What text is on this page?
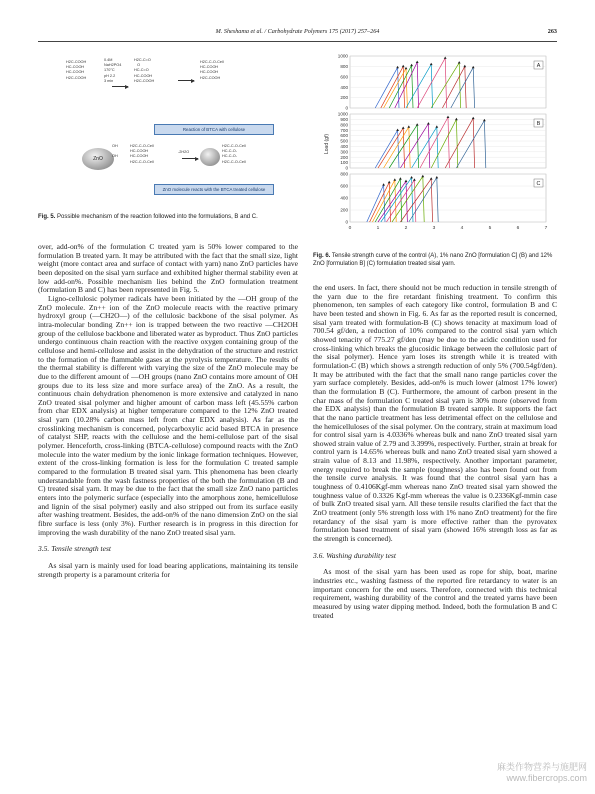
M. Sheshama et al. / Carbohydrate Polymers 175 (2017) 257–264	263
H2C-COOH
HC-COOH
HC-COOH
H2C-COOH
0.4M
NaH2PO4
170°C
pH 2.2
3 min
H2C-C=O
O
HC-C=O
HC-COOH
H2C-COOH
H2C-C-O-Cell
HC-COOH
HC-COOH
H2C-COOH
Reaction of BTCA with cellulose
ZnO
OH

OH
H2C-C-O-Cell
HC-COOH
HC-COOH
H2C-C-O-Cell
-2H2O
H2C-C-O-Cell
HC-C-O-
HC-C-O-
H2C-C-O-Cell
ZnO molecule reacts with the BTCA treated cellulose
Fig. 5. Possible mechanism of the reaction followed into the formulations, B and C.
0
200
400
600
800
1000
A
Load (gf)
0
100
200
300
400
500
600
700
800
900
1000
B
0
200
400
600
800
C
0	1	2	3	4	5	6	7
Fig. 6. Tensile strength curve of the control (A), 1% nano ZnO [formulation C] (B) and 12% ZnO [formulation B] (C) formulation treated sisal yarn.

over, add-on% of the formulation C treated yarn is 50% lower compared to the formulation B treated yarn. It may be attributed with the fact that the small size, light weight (more contact area and surface of contact with yarn) nano ZnO particles have been deposited on the sisal yarn surface and exhibited higher thermal stability even at low add-on%. Possible mechanism lies behind the ZnO formulation treatment (formulation B and C) has been represented in Fig. 5.

Ligno-cellulosic polymer radicals have been initiated by the —OH group of the ZnO molecule. Zn++ ion of the ZnO molecule reacts with the reactive primary hydroxyl group (—CH2O—) of the cellulosic backbone of the sisal polymer. As intra-molecular bonding Zn++ ion is trapped between the two reactive —CH2OH group of the cellulose backbone and liberated water as byproduct. Thus ZnO particles undergo continuous chain reaction with the reactive oxygen containing group of the cellulose and hemi-cellulose and assist in the dehydration of the structure and restrict to the formation of the flammable gases at the pyrolysis temperature. The results of the thermal stability is different with varying the size of the ZnO molecule may be due to the different amount of —OH groups (nano ZnO contains more amount of OH groups due to its less size and more surface area) of the ZnO. As a result, the continuous chain dehydration phenomenon is more extensive and catalyzed in nano ZnO treated sisal polymer and higher amount of carbon mass left (45.55% carbon from char EDX analysis) at higher temperature compared to the 12% ZnO treated sisal yarn (10.28% carbon mass left from char EDX analysis). As far as the crosslinking mechanism is concerned, polycarboxylic acid based BTCA in presence of catalyst SHP, reacts with the cellulose and the hemi-cellulose part of the sisal polymer. Henceforth, cross-linking (BTCA-cellulose) compound reacts with the ZnO molecule into the water medium by the ionic linkage formation techniques. However, extent of the cross-linking formation is less for the formulation C treated sample compared to the formulation B treated sisal yarn. This phenomena has been clearly understandable from the wash fastness properties of the both the formulation (B and C) treated sisal yarn. It may be due to the fact that the small size ZnO nano particles enters into the polymeric surface (especially into the amorphous zone, hemicellulose and lignin of the sisal polymer) easily and also stripped out from its surface easily after washing treatment. Besides, the add-on% of the nano dimension ZnO on the sial fibre surface is less (only 3%). Further research is in progress in this direction for improving the wash durability of the nano ZnO treated sisal yarn.

3.5. Tensile strength test

As sisal yarn is mainly used for load bearing applications, maintaining its tensile strength property is a paramount criteria for

the end users. In fact, there should not be much reduction in tensile strength of the yarn due to the fire retardant finishing treatment. To confirm this phenomenon, ten samples of each category like control, formulation B and C have been tested and shown in Fig. 6. As far as the reported result is concerned, sisal yarn treated with formulation-B (C) shows tenacity at maximum load of 700.54 gf/den, a reduction of 10% compared to the control sisal yarn which showed tenacity of 775.27 gf/den (may be due to the acidic condition used for cross-linking which breaks the glucosidic linkage between the cellulosic part of the sisal polymer). Hence yarn loses its strength while it is treated with formulation-C (B) which shows a strength reduction of only 5% (700.54gf/den). It may be attributed with the fact that the small nano range particles cover the yarn surface completely. Besides, add-on% is much lower (almost 17% lower) than the formulation B (C). Furthermore, the amount of carbon present in the char mass of the formulation C treated sisal yarn is 30% more (observed from the EDX analysis) than the formulation B treated sample. It supports the fact that the nano particle treatment has less detrimental effect on the cellulose and the hemicelluloses of the sisal polymer. On the contrary, strain at maximum load for control sisal yarn is 4.0336% whereas bulk and nano ZnO treated sisal yarn showed strain value of 2.79 and 3.399%, respectively. Further, strain at break for control yarn is 14.65% whereas bulk and nano ZnO treated sisal yarn showed a strain value of 8.13 and 11.98%, respectively. Another important parameter, energy required to break the sample (toughness) also has been found out from the tensile curve analysis. It was found that the control sisal yarn has a toughness of 0.4106Kgf-mm whereas nano ZnO treated sisal yarn showed the toughness value of 0.3326 Kgf-mm whereas the value is 0.2336Kgf-mmin case of bulk ZnO treated sisal yarn. All these tensile results clarified the fact that the ZnO treatment (only 5% strength loss with 1% nano ZnO treatment) for the fire retardancy of the sisal yarn is more effective rather than the pyrovatex formulation based treatment of sisal yarn (showed 16% strength loss as far as the strength is concerned).

3.6. Washing durability test

As most of the sisal yarn has been used as rope for ship, boat, marine industries etc., washing fastness of the reported fire retardancy to water is an important concern for the end users. Therefore, connected with this technical requirement, washing durability of the control and the treated yarns have been measured by using water dipping method. Indeed, both the formulation B and C treated

麻类作物营养与施肥网
www.fibercrops.com
